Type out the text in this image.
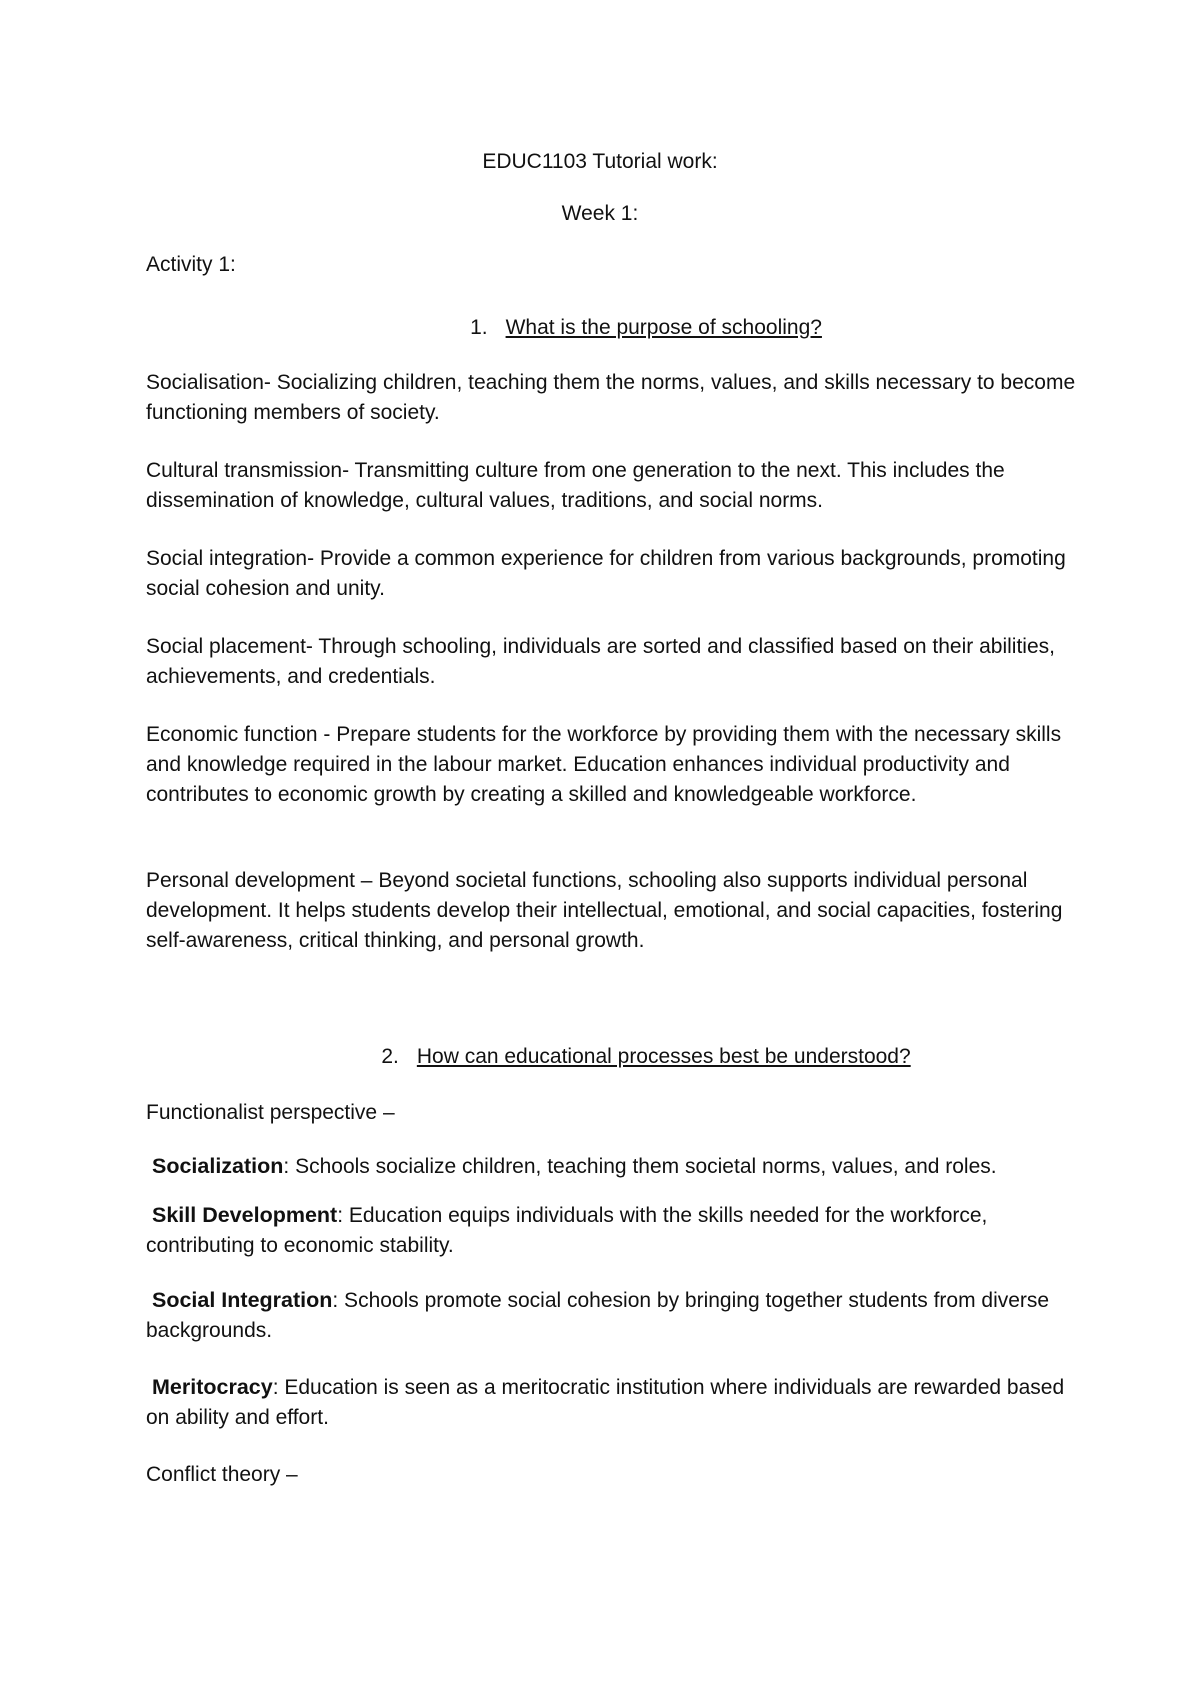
EDUC1103 Tutorial work:
Week 1:
Activity 1:
1. What is the purpose of schooling?

Socialisation- Socializing children, teaching them the norms, values, and skills necessary to become functioning members of society.

Cultural transmission- Transmitting culture from one generation to the next. This includes the dissemination of knowledge, cultural values, traditions, and social norms.

Social integration- Provide a common experience for children from various backgrounds, promoting social cohesion and unity.

Social placement- Through schooling, individuals are sorted and classified based on their abilities, achievements, and credentials.

Economic function - Prepare students for the workforce by providing them with the necessary skills and knowledge required in the labour market. Education enhances individual productivity and contributes to economic growth by creating a skilled and knowledgeable workforce.

Personal development – Beyond societal functions, schooling also supports individual personal development. It helps students develop their intellectual, emotional, and social capacities, fostering self-awareness, critical thinking, and personal growth.

2. How can educational processes best be understood?
Functionalist perspective –

Socialization: Schools socialize children, teaching them societal norms, values, and roles.

Skill Development: Education equips individuals with the skills needed for the workforce, contributing to economic stability.

Social Integration: Schools promote social cohesion by bringing together students from diverse backgrounds.

Meritocracy: Education is seen as a meritocratic institution where individuals are rewarded based on ability and effort.

Conflict theory –
